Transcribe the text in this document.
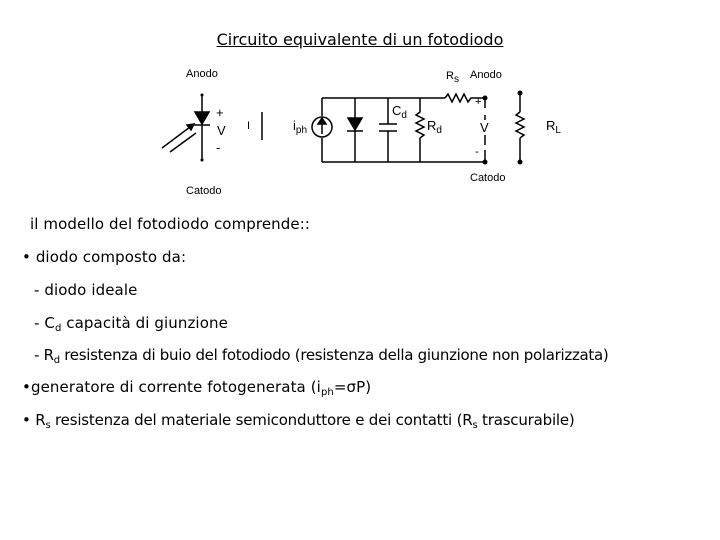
Circuito equivalente di un fotodiodo
Anodo
Catodo
+
V
-
I	$i_{ph}$
$C_d$
$R_d$
$R_s$ Anodo
+
V
-
Catodo
$R_L$
il modello del fotodiodo comprende::
• diodo composto da:
- diodo ideale
- $C_d$ capacità di giunzione
- $R_d$ resistenza di buio del fotodiodo (resistenza della giunzione non polarizzata)
•generatore di corrente fotogenerata $(i_{ph}=\sigma P)$
• $R_s$ resistenza del materiale semiconduttore e dei contatti ($R_s$ trascurabile)
